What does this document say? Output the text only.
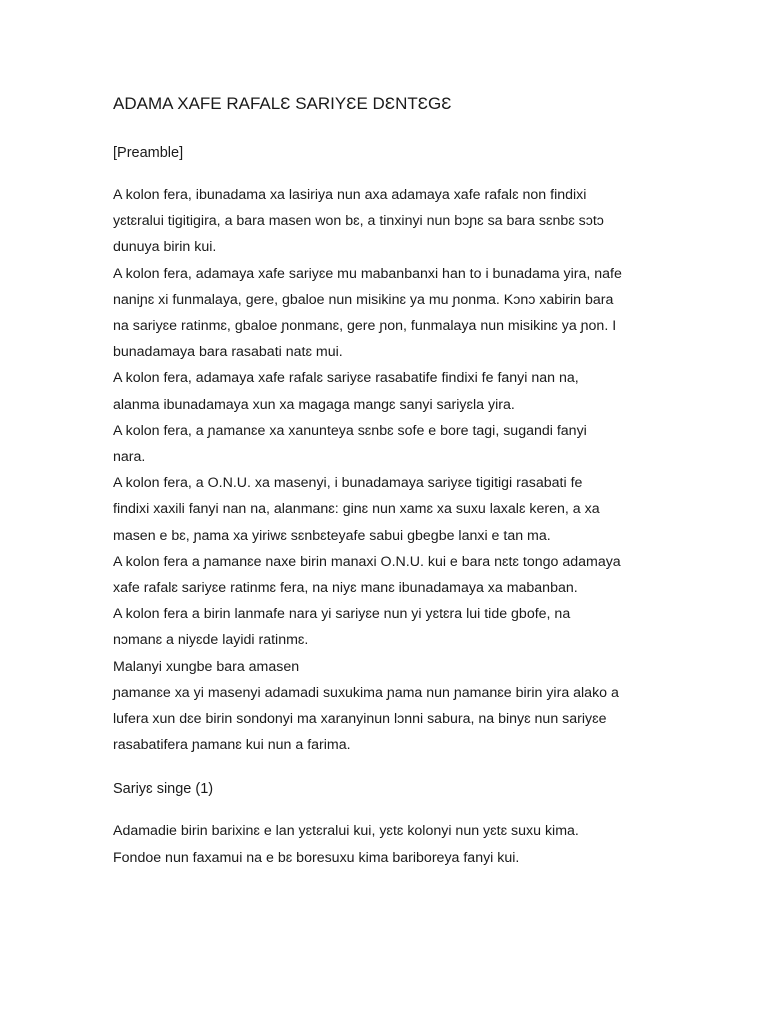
ADAMA XAFE RAFALƐ SARIYƐE DƐNTƐGƐ
[Preamble]

A kolon fera, ibunadama xa lasiriya nun axa adamaya xafe rafalɛ non findixi
yɛtɛralui tigitigira, a bara masen won bɛ, a tinxinyi nun bɔɲɛ sa bara sɛnbɛ sɔtɔ
dunuya birin kui.

A kolon fera, adamaya xafe sariyɛe mu mabanbanxi han to i bunadama yira, nafe
naniɲɛ xi funmalaya, gere, gbaloe nun misikinɛ ya mu ɲonma. Kɔnɔ xabirin bara
na sariyɛe ratinmɛ, gbaloe ɲonmanɛ, gere ɲon, funmalaya nun misikinɛ ya ɲon. I
bunadamaya bara rasabati natɛ mui.

A kolon fera, adamaya xafe rafalɛ sariyɛe rasabatife findixi fe fanyi nan na,
alanma ibunadamaya xun xa magaga mangɛ sanyi sariyɛla yira.

A kolon fera, a ɲamanɛe xa xanunteya sɛnbɛ sofe e bore tagi, sugandi fanyi
nara.

A kolon fera, a O.N.U. xa masenyi, i bunadamaya sariyɛe tigitigi rasabati fe
findixi xaxili fanyi nan na, alanmanɛ: ginɛ nun xamɛ xa suxu laxalɛ keren, a xa
masen e bɛ, ɲama xa yiriwɛ sɛnbɛteyafe sabui gbegbe lanxi e tan ma.

A kolon fera a ɲamanɛe naxe birin manaxi O.N.U. kui e bara nɛtɛ tongo adamaya
xafe rafalɛ sariyɛe ratinmɛ fera, na niyɛ manɛ ibunadamaya xa mabanban.

A kolon fera a birin lanmafe nara yi sariyɛe nun yi yɛtɛra lui tide gbofe, na
nɔmanɛ a niyɛde layidi ratinmɛ.

Malanyi xungbe bara amasen

ɲamanɛe xa yi masenyi adamadi suxukima ɲama nun ɲamanɛe birin yira alako a
lufera xun dɛe birin sondonyi ma xaranyinun lɔnni sabura, na binyɛ nun sariyɛe
rasabatifera ɲamanɛ kui nun a farima.

Sariyɛ singe (1)

Adamadie birin barixinɛ e lan yɛtɛralui kui, yɛtɛ kolonyi nun yɛtɛ suxu kima.

Fondoe nun faxamui na e bɛ boresuxu kima bariboreya fanyi kui.
